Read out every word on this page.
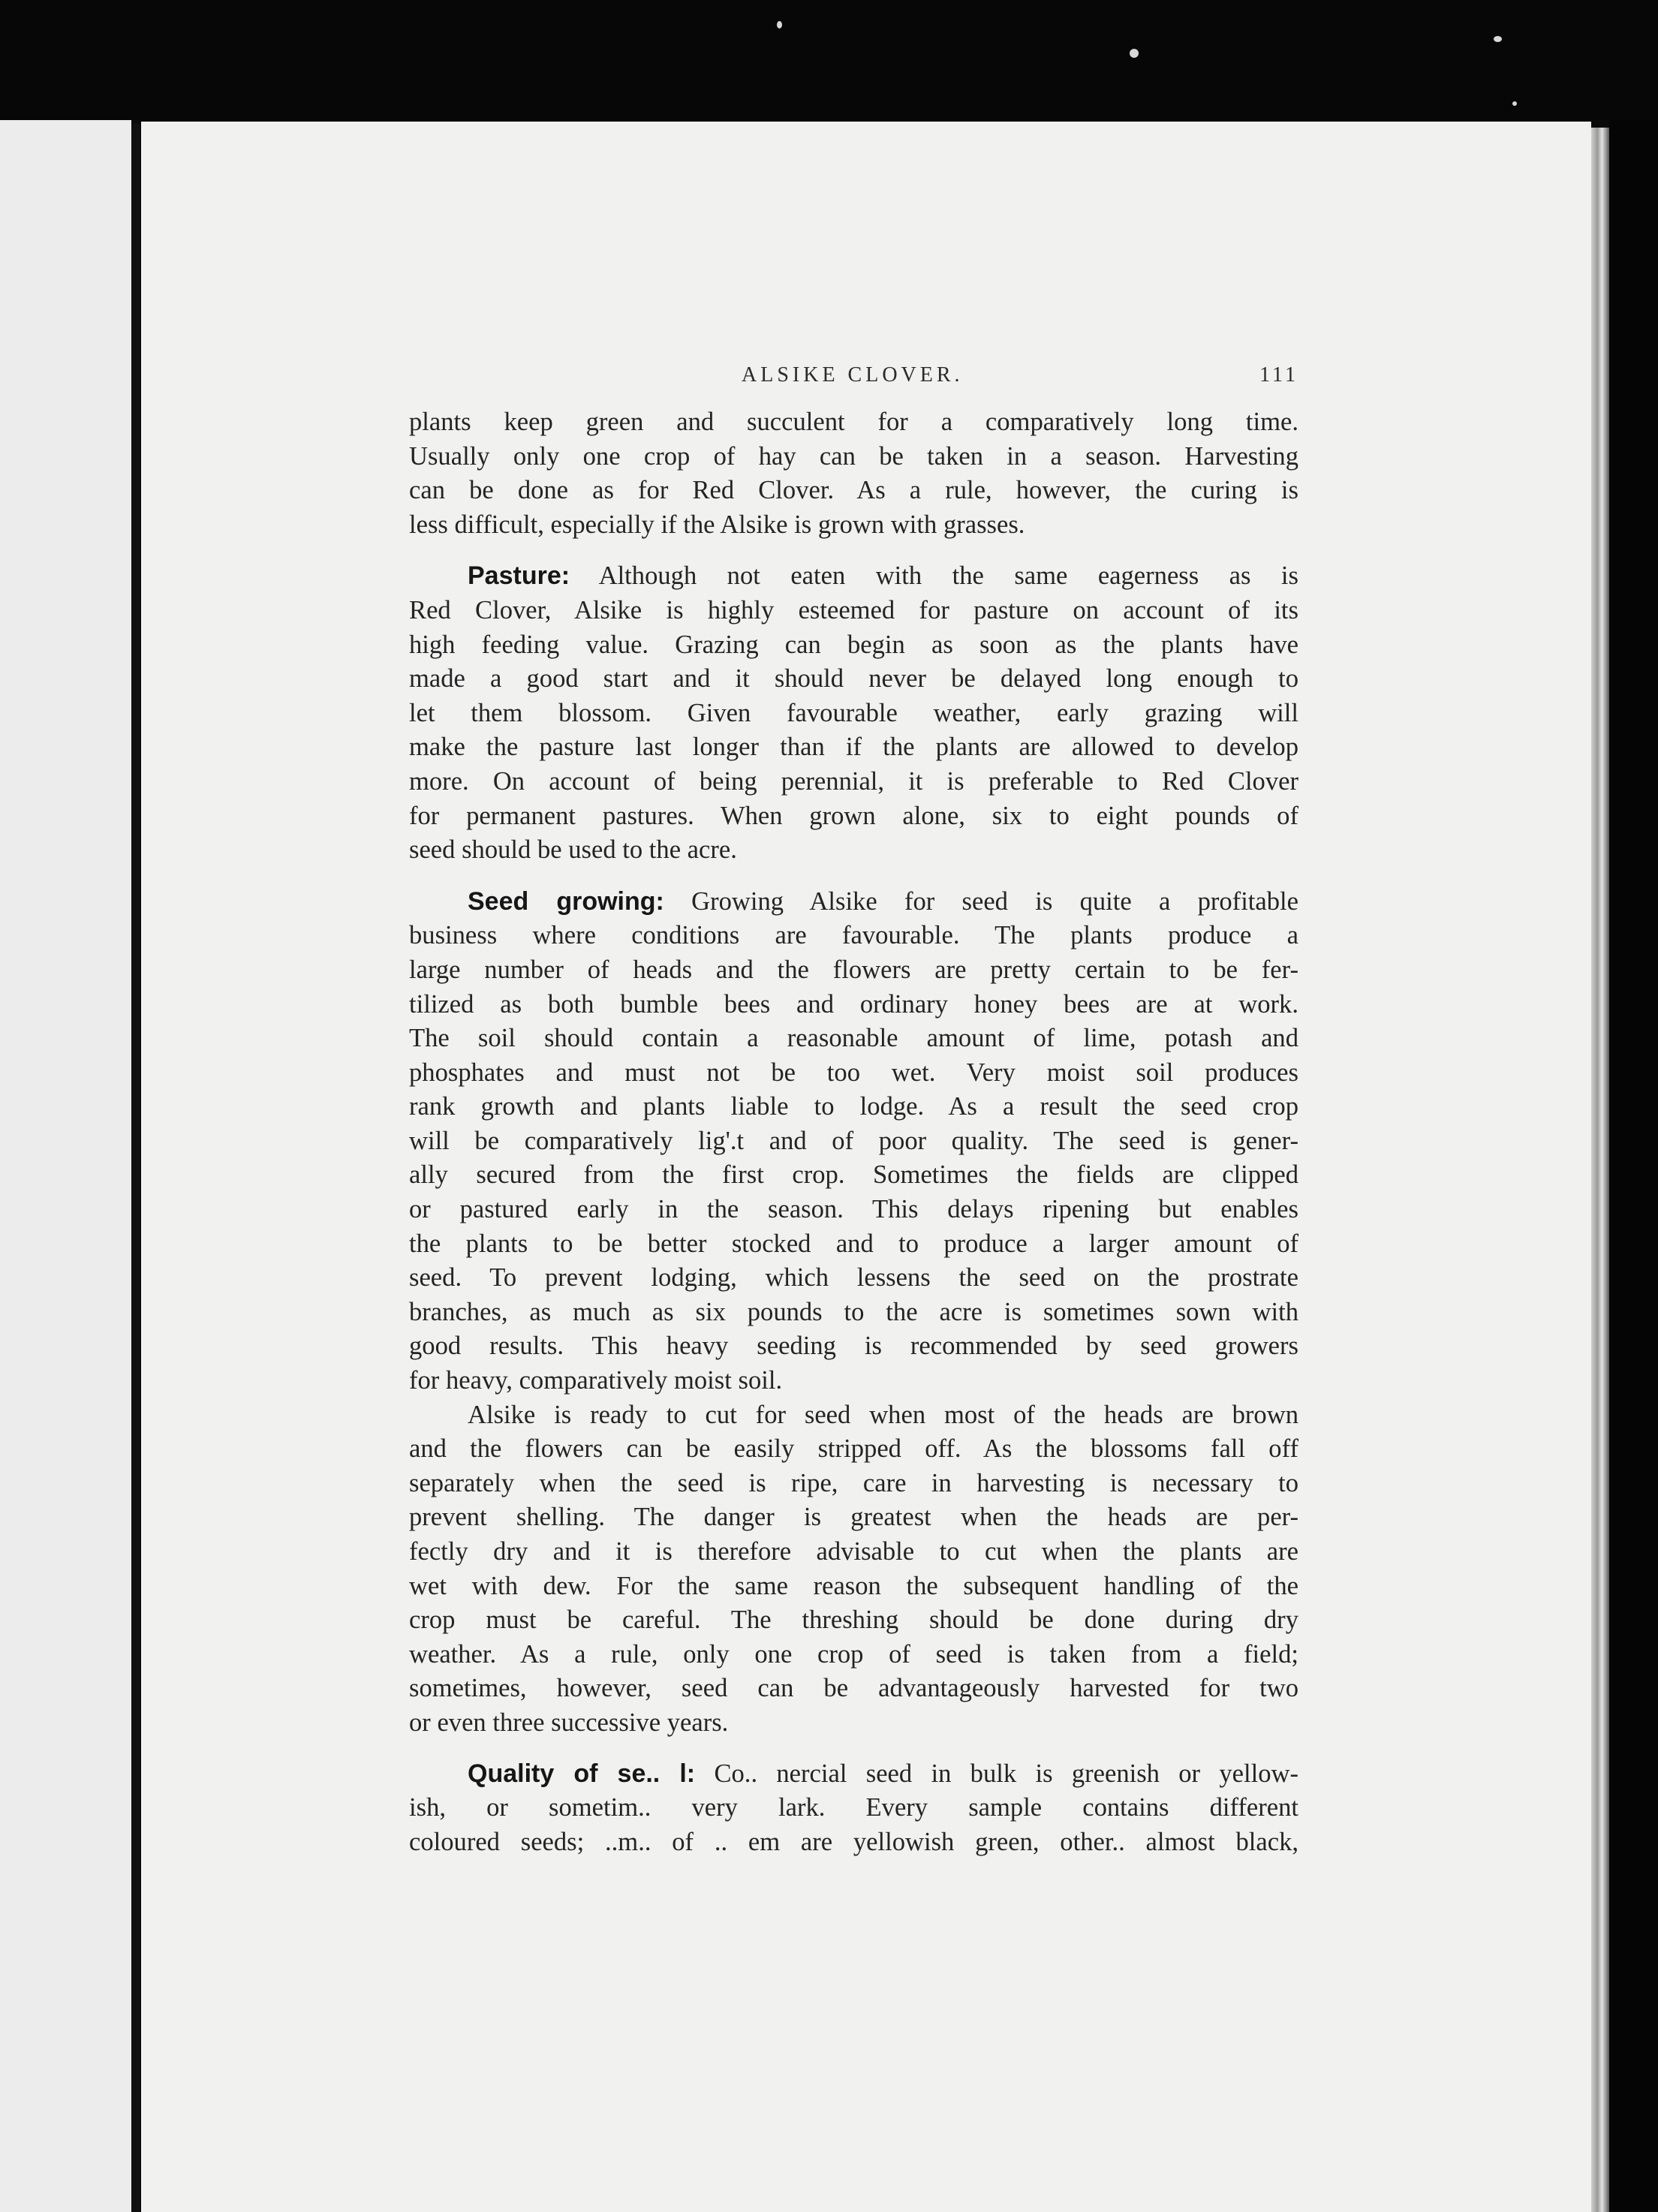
ALSIKE CLOVER.	111

plants keep green and succulent for a comparatively long time.

Usually only one crop of hay can be taken in a season. Harvesting

can be done as for Red Clover. As a rule, however, the curing is

less difficult, especially if the Alsike is grown with grasses.

Pasture: Although not eaten with the same eagerness as is

Red Clover, Alsike is highly esteemed for pasture on account of its

high feeding value. Grazing can begin as soon as the plants have

made a good start and it should never be delayed long enough to

let them blossom. Given favourable weather, early grazing will

make the pasture last longer than if the plants are allowed to develop

more. On account of being perennial, it is preferable to Red Clover

for permanent pastures. When grown alone, six to eight pounds of

seed should be used to the acre.

Seed growing: Growing Alsike for seed is quite a profitable

business where conditions are favourable. The plants produce a

large number of heads and the flowers are pretty certain to be fer-

tilized as both bumble bees and ordinary honey bees are at work.

The soil should contain a reasonable amount of lime, potash and

phosphates and must not be too wet. Very moist soil produces

rank growth and plants liable to lodge. As a result the seed crop

will be comparatively lig'.t and of poor quality. The seed is gener-

ally secured from the first crop. Sometimes the fields are clipped

or pastured early in the season. This delays ripening but enables

the plants to be better stocked and to produce a larger amount of

seed. To prevent lodging, which lessens the seed on the prostrate

branches, as much as six pounds to the acre is sometimes sown with

good results. This heavy seeding is recommended by seed growers

for heavy, comparatively moist soil.

Alsike is ready to cut for seed when most of the heads are brown

and the flowers can be easily stripped off. As the blossoms fall off

separately when the seed is ripe, care in harvesting is necessary to

prevent shelling. The danger is greatest when the heads are per-

fectly dry and it is therefore advisable to cut when the plants are

wet with dew. For the same reason the subsequent handling of the

crop must be careful. The threshing should be done during dry

weather. As a rule, only one crop of seed is taken from a field;

sometimes, however, seed can be advantageously harvested for two

or even three successive years.

Quality of se.. l: Co.. nercial seed in bulk is greenish or yellow-

ish, or sometim.. very lark. Every sample contains different

coloured seeds; ..m.. of .. em are yellowish green, other.. almost black,
